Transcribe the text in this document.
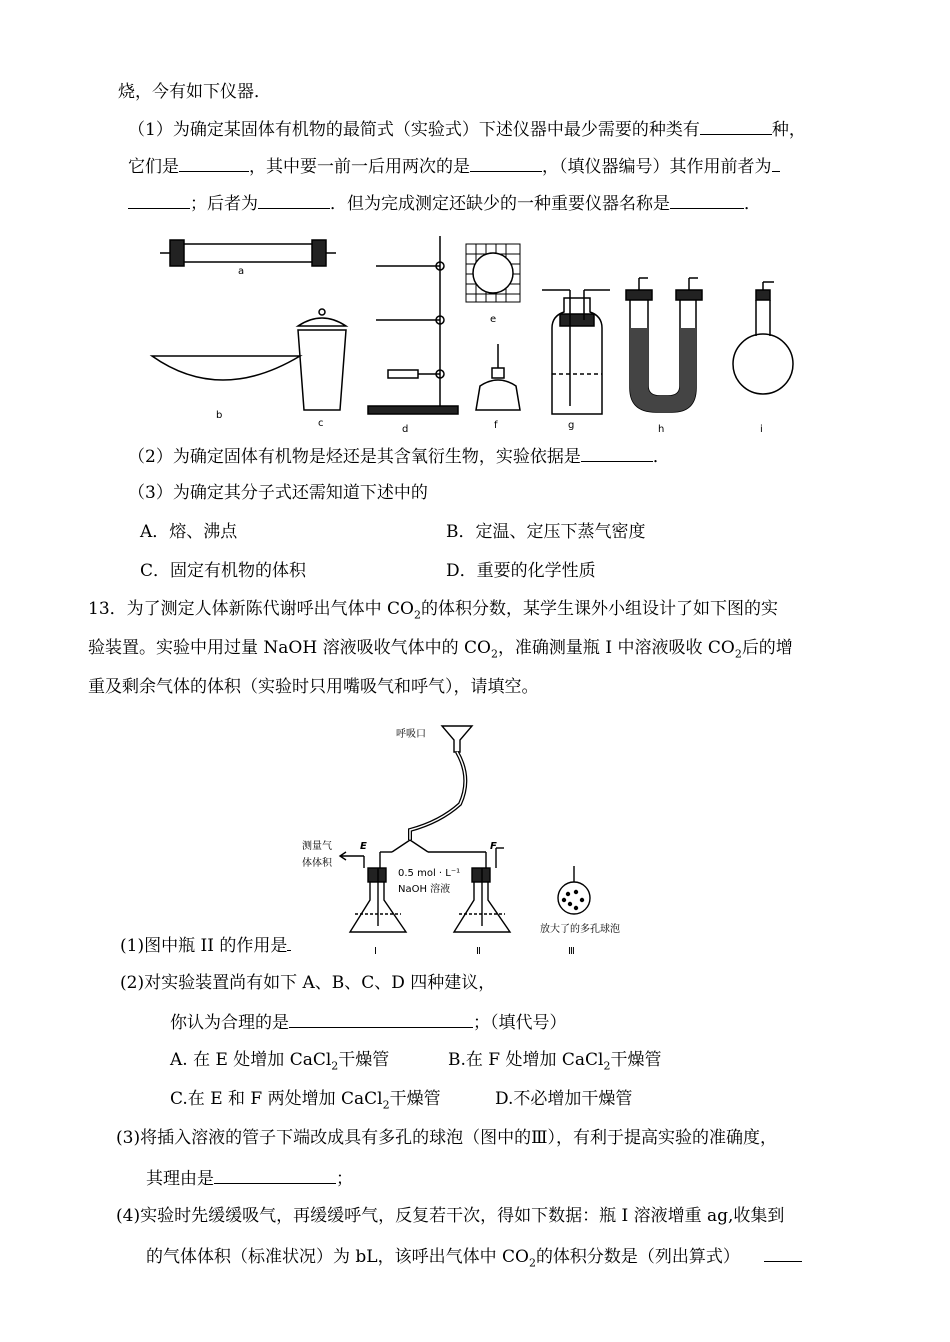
烧，今有如下仪器．
（1）为确定某固体有机物的最简式（实验式）下述仪器中最少需要的种类有	种，
它们是	，其中要一前一后用两次的是	，（填仪器编号）其作用前者为
；后者为	．但为完成测定还缺少的一种重要仪器名称是	．
a
b
c
d
e
f	g	h	i
（2）为确定固体有机物是烃还是其含氧衍生物，实验依据是	．
（3）为确定其分子式还需知道下述中的
A．熔、沸点	B．定温、定压下蒸气密度
C．固定有机物的体积	D．重要的化学性质
13．为了测定人体新陈代谢呼出气体中 $CO_2$的体积分数，某学生课外小组设计了如下图的实
验装置。实验中用过量 NaOH 溶液吸收气体中的 $CO_2$，准确测量瓶 I 中溶液吸收 $CO_2$后的增
重及剩余气体的体积（实验时只用嘴吸气和呼气），请填空。
呼吸口
E	F
测量气
体体积
0.5 mol · L⁻¹
NaOH 溶液
放大了的多孔球泡
Ⅰ	Ⅱ	Ⅲ
(1)图中瓶 II 的作用是
(2)对实验装置尚有如下 A、B、C、D 四种建议，
你认为合理的是	；（填代号）
A. 在 E 处增加 CaCl$_2$干燥管	B.在 F 处增加 CaCl$_2$干燥管
C.在 E 和 F 两处增加 CaCl$_2$干燥管	D.不必增加干燥管
(3)将插入溶液的管子下端改成具有多孔的球泡（图中的Ⅲ），有利于提高实验的准确度，
其理由是	；
(4)实验时先缓缓吸气，再缓缓呼气，反复若干次，得如下数据：瓶 I 溶液增重 ag,收集到
的气体体积（标准状况）为 bL，该呼出气体中 $CO_2$的体积分数是（列出算式）
